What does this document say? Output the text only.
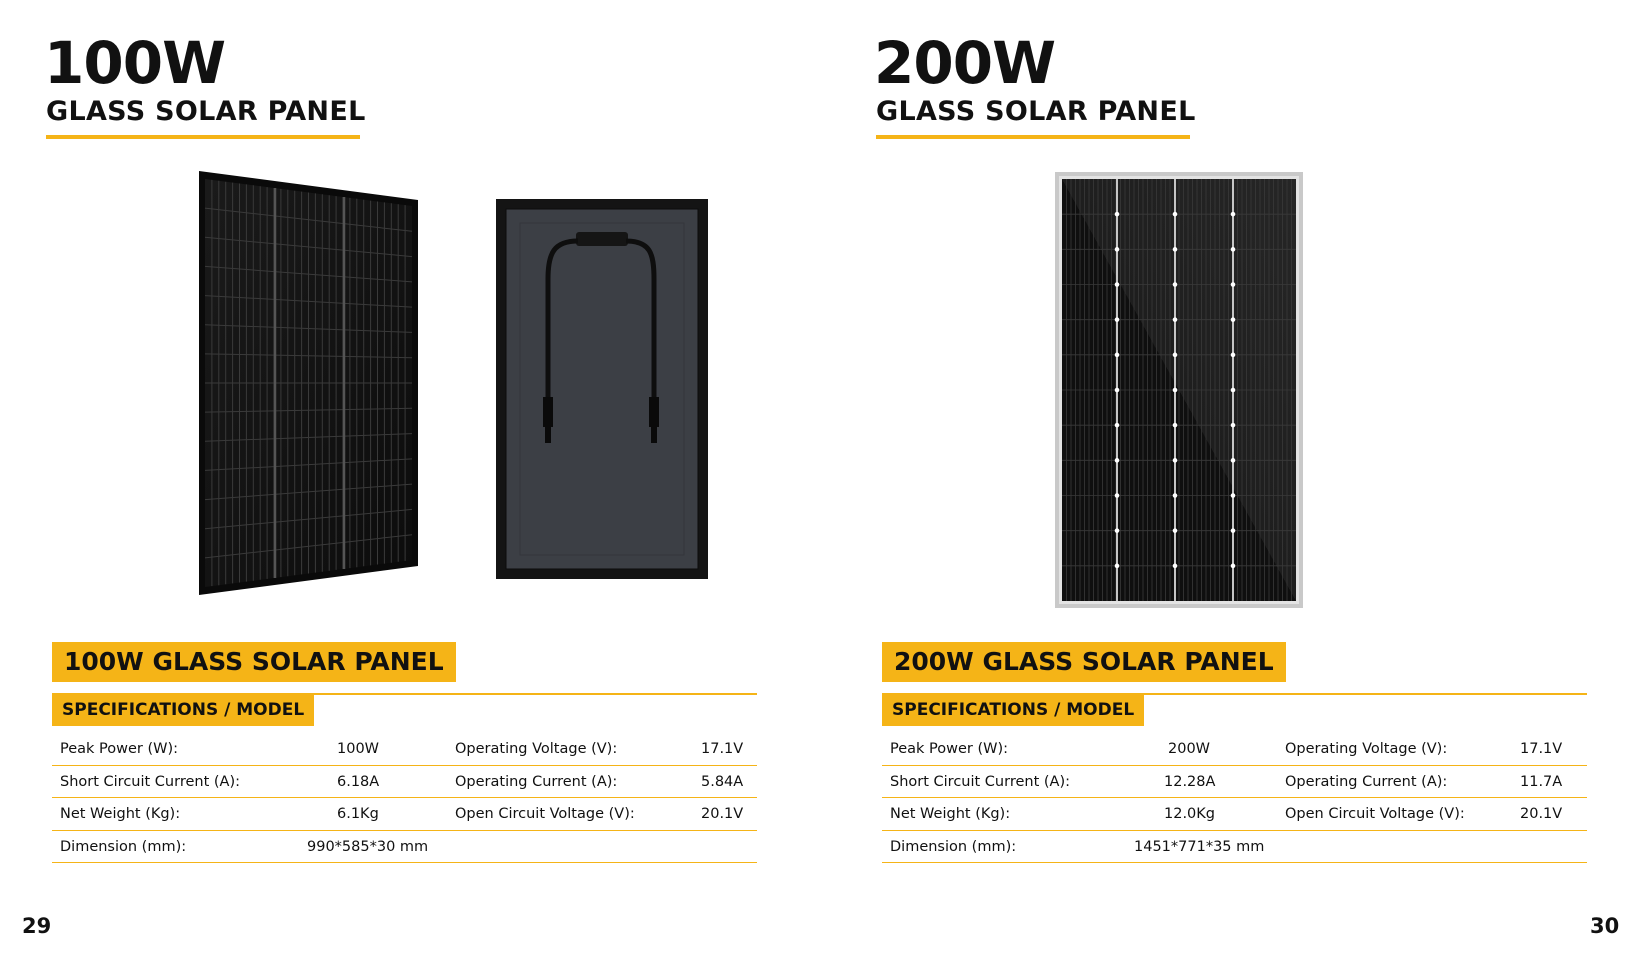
100W
GLASS SOLAR PANEL
100W GLASS SOLAR PANEL
SPECIFICATIONS / MODEL
Peak Power (W):	100W	Operating Voltage (V):	17.1V
Short Circuit Current (A):	6.18A	Operating Current (A):	5.84A
Net Weight (Kg):	6.1Kg	Open Circuit Voltage (V):	20.1V
Dimension (mm):	990*585*30 mm
29
200W
GLASS SOLAR PANEL
200W GLASS SOLAR PANEL
SPECIFICATIONS / MODEL
Peak Power (W):	200W	Operating Voltage (V):	17.1V
Short Circuit Current (A):	12.28A	Operating Current (A):	11.7A
Net Weight (Kg):	12.0Kg	Open Circuit Voltage (V):	20.1V
Dimension (mm):	1451*771*35 mm
30
